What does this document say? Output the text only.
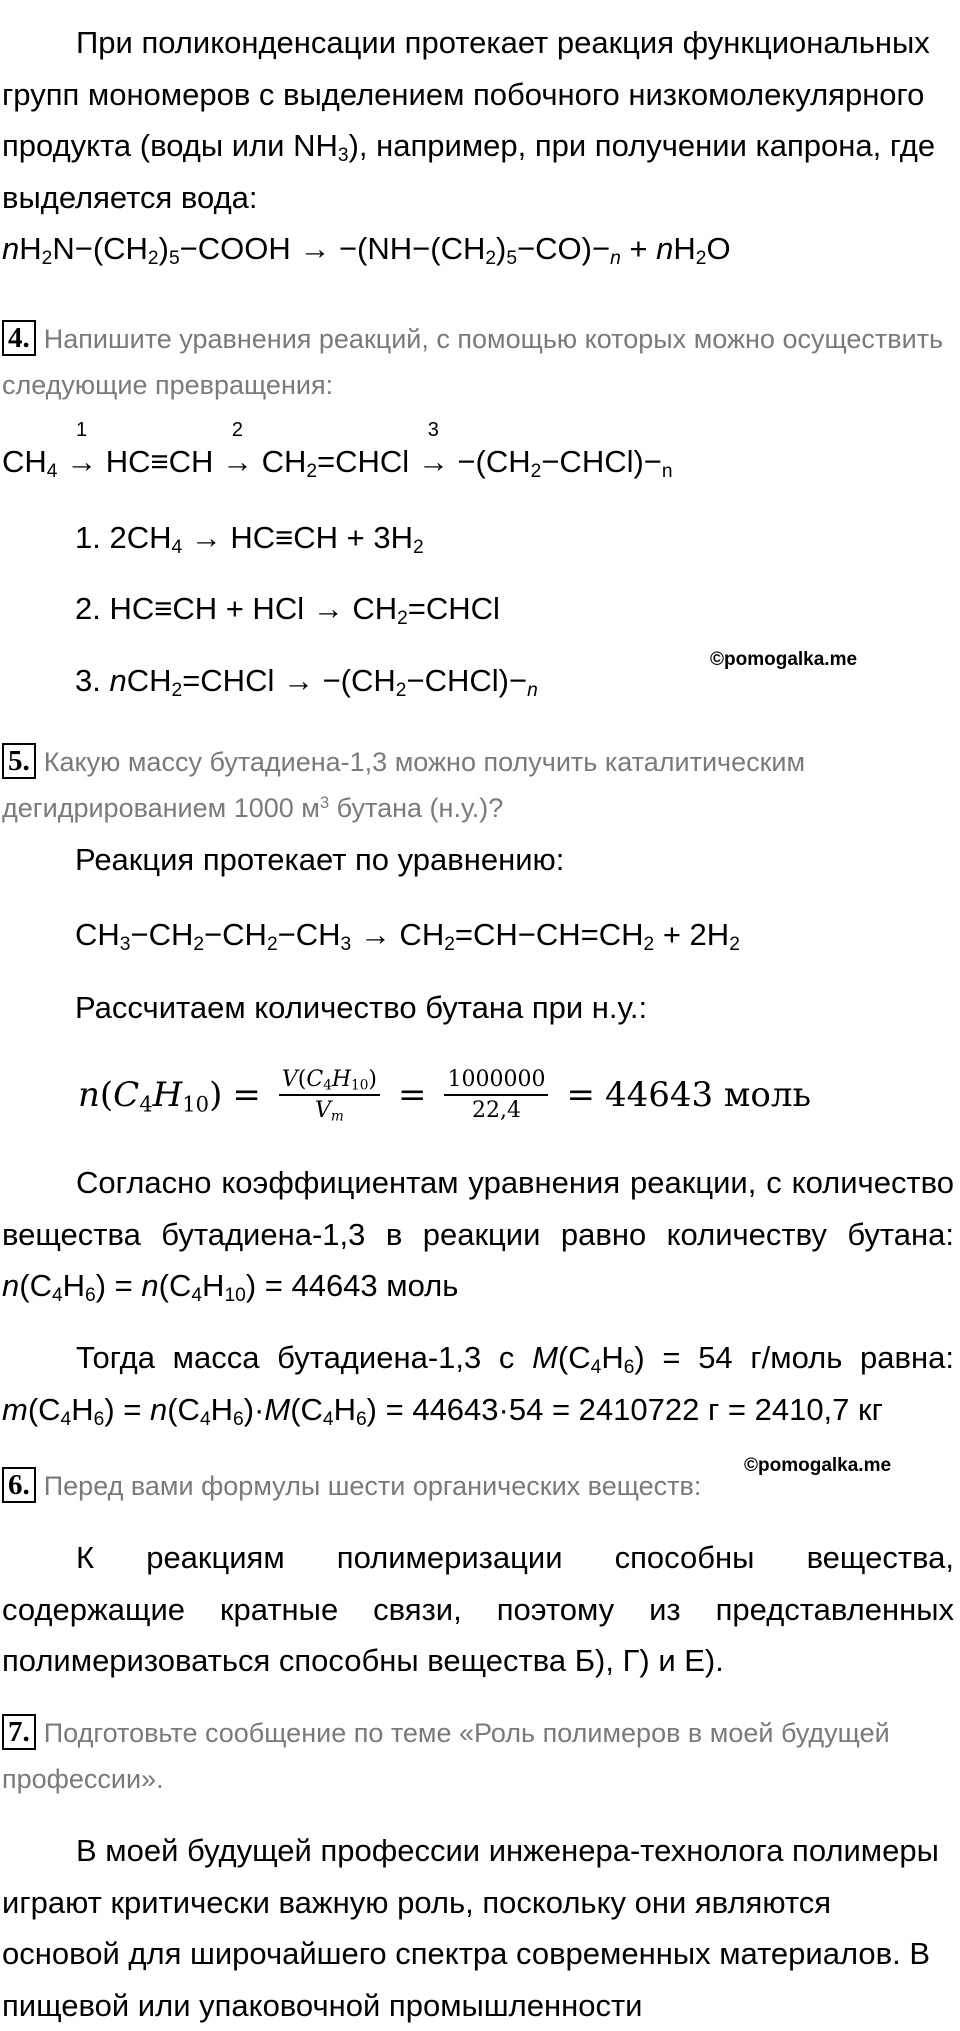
При поликонденсации протекает реакция функциональных групп мономеров с выделением побочного низкомолекулярного продукта (воды или $NH_3$), например, при получении капрона, где выделяется вода:
$nH_2N-(CH_2)_5-COOH \to -(NH-(CH_2)_5-CO)-_n + nH_2O$

4. Напишите уравнения реакций, с помощью которых можно осуществить следующие превращения:

$CH_4$
1
→ HC≡CH
2
→ $CH_2=CHCl$
3
→ $-(CH_2-CHCl)-_n$
1. $2CH_4 \to HC\equiv CH + 3H_2$
2. HC≡CH + HCl → $CH_2=CHCl$
©pomogalka.me
3. nCH$_2$=CHCl → $-(CH_2-CHCl)-_n$

5. Какую массу бутадиена-1,3 можно получить каталитическим дегидрированием 1000 $м^3$ бутана (н.у.)?

Реакция протекает по уравнению:
$CH_3-CH_2-CH_2-CH_3 \to CH_2=CH-CH=CH_2 + 2H_2$
Рассчитаем количество бутана при н.у.:
$n(C_4H_{10}) = \frac{V(C_4H_{10})}{V_m} = \frac{1000000}{22,4} = 44643$ моль

Согласно коэффициентам уравнения реакции, с количество вещества бутадиена-1,3 в реакции равно количеству бутана: $n(C_4H_6) = n(C_4H_{10}) = 44643$ моль

Тогда масса бутадиена-1,3 с $M(C_4H_6) = 54$ г/моль равна: $m(C_4H_6) = n(C_4H_6)\cdot M(C_4H_6) = 44643\cdot 54 = 2410722$ г = 2410,7 кг

©pomogalka.me

6. Перед вами формулы шести органических веществ:

К реакциям полимеризации способны вещества, содержащие кратные связи, поэтому из представленных полимеризоваться способны вещества Б), Г) и Е).

7. Подготовьте сообщение по теме «Роль полимеров в моей будущей профессии».

В моей будущей профессии инженера-технолога полимеры играют критически важную роль, поскольку они являются основой для широчайшего спектра современных материалов. В пищевой или упаковочной промышленности
